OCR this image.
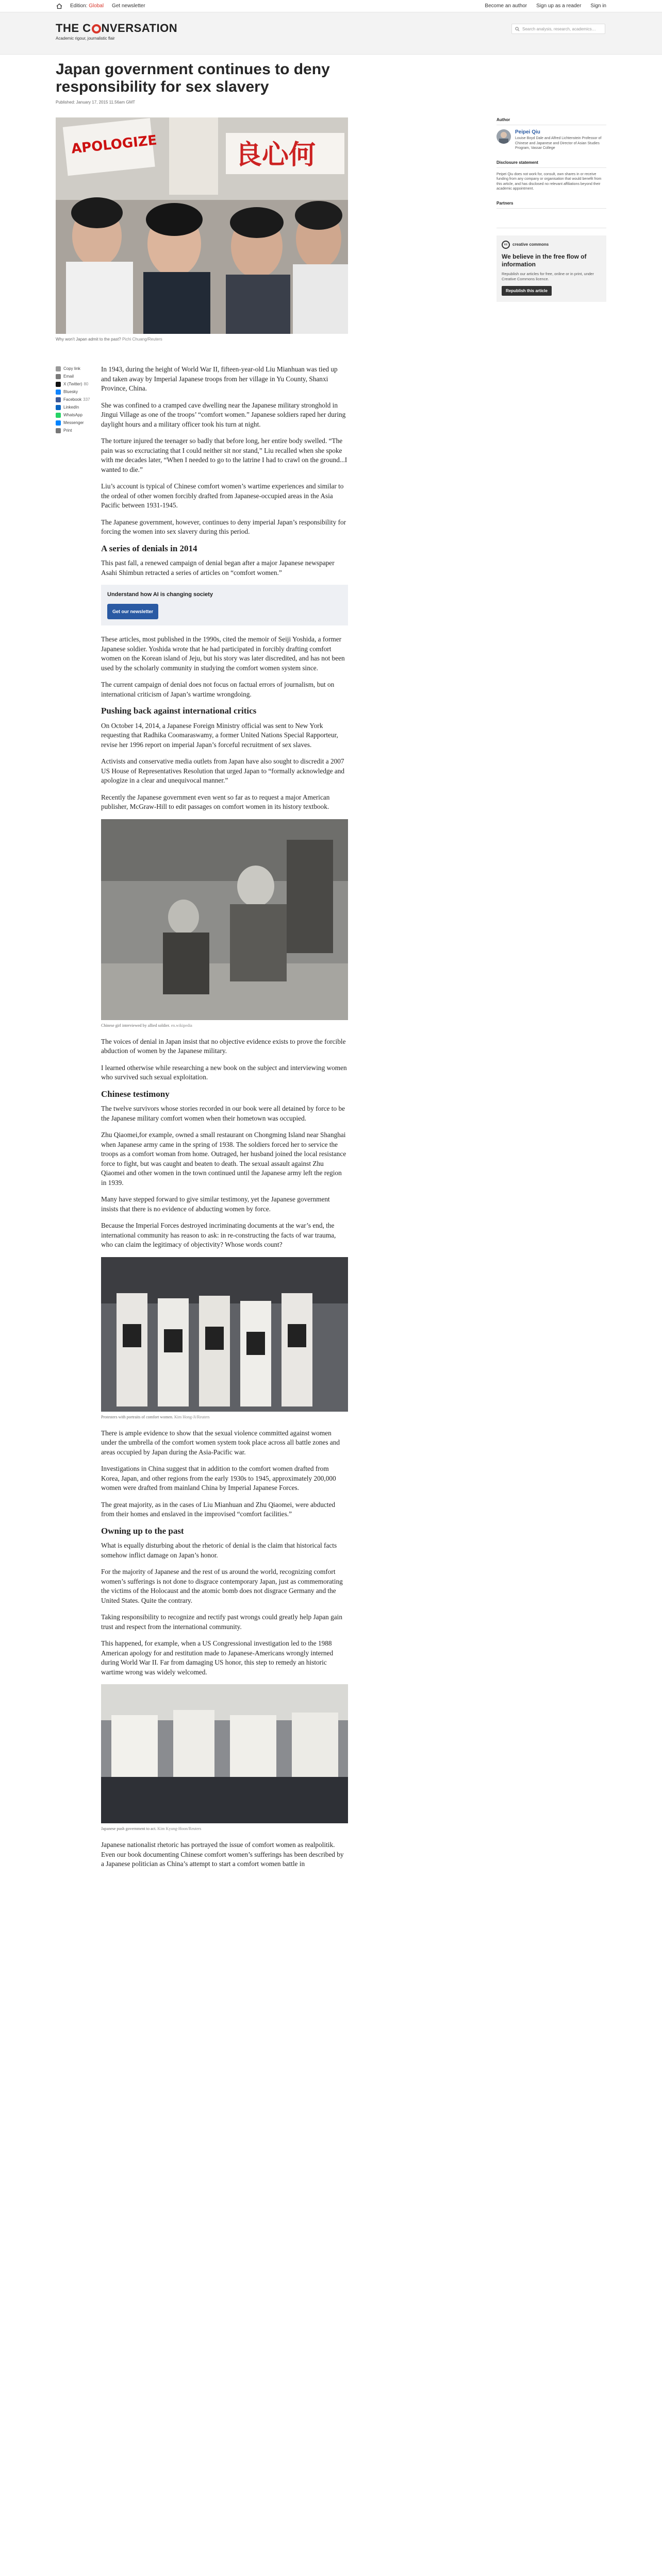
Edition: Global Get newsletter	Become an author Sign up as a reader Sign in
THE C NVERSATION
Academic rigour, journalistic flair
Search analysis, research, academics…
Japan government continues to deny responsibility for sex slavery
Published: January 17, 2015 11.56am GMT
良心何
APOLOGIZE
Why won’t Japan admit to the past? Pichi Chuang/Reuters
Copy link
Email
X (Twitter) 80
Bluesky
Facebook 337
LinkedIn
WhatsApp
Messenger
Print

In 1943, during the height of World War II, fifteen-year-old Liu Mianhuan was tied up and taken away by Imperial Japanese troops from her village in Yu County, Shanxi Province, China.

She was confined to a cramped cave dwelling near the Japanese military stronghold in Jingui Village as one of the troops’ “comfort women.” Japanese soldiers raped her during daylight hours and a military officer took his turn at night.

The torture injured the teenager so badly that before long, her entire body swelled. “The pain was so excruciating that I could neither sit nor stand,” Liu recalled when she spoke with me decades later, “When I needed to go to the latrine I had to crawl on the ground...I wanted to die.”

Liu’s account is typical of Chinese comfort women’s wartime experiences and similar to the ordeal of other women forcibly drafted from Japanese-occupied areas in the Asia Pacific between 1931-1945.

The Japanese government, however, continues to deny imperial Japan’s responsibility for forcing the women into sex slavery during this period.

A series of denials in 2014

This past fall, a renewed campaign of denial began after a major Japanese newspaper Asahi Shimbun retracted a series of articles on “comfort women.”

Understand how AI is changing society
Get our newsletter

These articles, most published in the 1990s, cited the memoir of Seiji Yoshida, a former Japanese soldier. Yoshida wrote that he had participated in forcibly drafting comfort women on the Korean island of Jeju, but his story was later discredited, and has not been used by the scholarly community in studying the comfort women system since.

The current campaign of denial does not focus on factual errors of journalism, but on international criticism of Japan’s wartime wrongdoing.

Pushing back against international critics

On October 14, 2014, a Japanese Foreign Ministry official was sent to New York requesting that Radhika Coomaraswamy, a former United Nations Special Rapporteur, revise her 1996 report on imperial Japan’s forceful recruitment of sex slaves.

Activists and conservative media outlets from Japan have also sought to discredit a 2007 US House of Representatives Resolution that urged Japan to “formally acknowledge and apologize in a clear and unequivocal manner.”

Recently the Japanese government even went so far as to request a major American publisher, McGraw-Hill to edit passages on comfort women in its history textbook.

Chinese girl interviewed by allied soldier. en.wikipedia

The voices of denial in Japan insist that no objective evidence exists to prove the forcible abduction of women by the Japanese military.

I learned otherwise while researching a new book on the subject and interviewing women who survived such sexual exploitation.

Chinese testimony

The twelve survivors whose stories recorded in our book were all detained by force to be the Japanese military comfort women when their hometown was occupied.

Zhu Qiaomei,for example, owned a small restaurant on Chongming Island near Shanghai when Japanese army came in the spring of 1938. The soldiers forced her to service the troops as a comfort woman from home. Outraged, her husband joined the local resistance force to fight, but was caught and beaten to death. The sexual assault against Zhu Qiaomei and other women in the town continued until the Japanese army left the region in 1939.

Many have stepped forward to give similar testimony, yet the Japanese government insists that there is no evidence of abducting women by force.

Because the Imperial Forces destroyed incriminating documents at the war’s end, the international community has reason to ask: in re-constructing the facts of war trauma, who can claim the legitimacy of objectivity? Whose words count?

Protesters with portraits of comfort women. Kim Hong-Ji/Reuters

There is ample evidence to show that the sexual violence committed against women under the umbrella of the comfort women system took place across all battle zones and areas occupied by Japan during the Asia-Pacific war.

Investigations in China suggest that in addition to the comfort women drafted from Korea, Japan, and other regions from the early 1930s to 1945, approximately 200,000 women were drafted from mainland China by Imperial Japanese Forces.

The great majority, as in the cases of Liu Mianhuan and Zhu Qiaomei, were abducted from their homes and enslaved in the improvised “comfort facilities.”

Owning up to the past

What is equally disturbing about the rhetoric of denial is the claim that historical facts somehow inflict damage on Japan’s honor.

For the majority of Japanese and the rest of us around the world, recognizing comfort women’s sufferings is not done to disgrace contemporary Japan, just as commemorating the victims of the Holocaust and the atomic bomb does not disgrace Germany and the United States. Quite the contrary.

Taking responsibility to recognize and rectify past wrongs could greatly help Japan gain trust and respect from the international community.

This happened, for example, when a US Congressional investigation led to the 1988 American apology for and restitution made to Japanese-Americans wrongly interned during World War II. Far from damaging US honor, this step to remedy an historic wartime wrong was widely welcomed.

Japanese push government to act. Kim Kyung-Hoon/Reuters

Japanese nationalist rhetoric has portrayed the issue of comfort women as realpolitik. Even our book documenting Chinese comfort women’s sufferings has been described by a Japanese politician as China’s attempt to start a comfort women battle in

Author
Peipei Qiu
Louise Boyd Dale and Alfred Lichtenstein Professor of Chinese and Japanese and Director of Asian Studies Program, Vassar College
Disclosure statement
Peipei Qiu does not work for, consult, own shares in or receive funding from any company or organisation that would benefit from this article, and has disclosed no relevant affiliations beyond their academic appointment.
Partners
cc	creative commons
We believe in the free flow of information
Republish our articles for free, online or in print, under Creative Commons licence.
Republish this article
